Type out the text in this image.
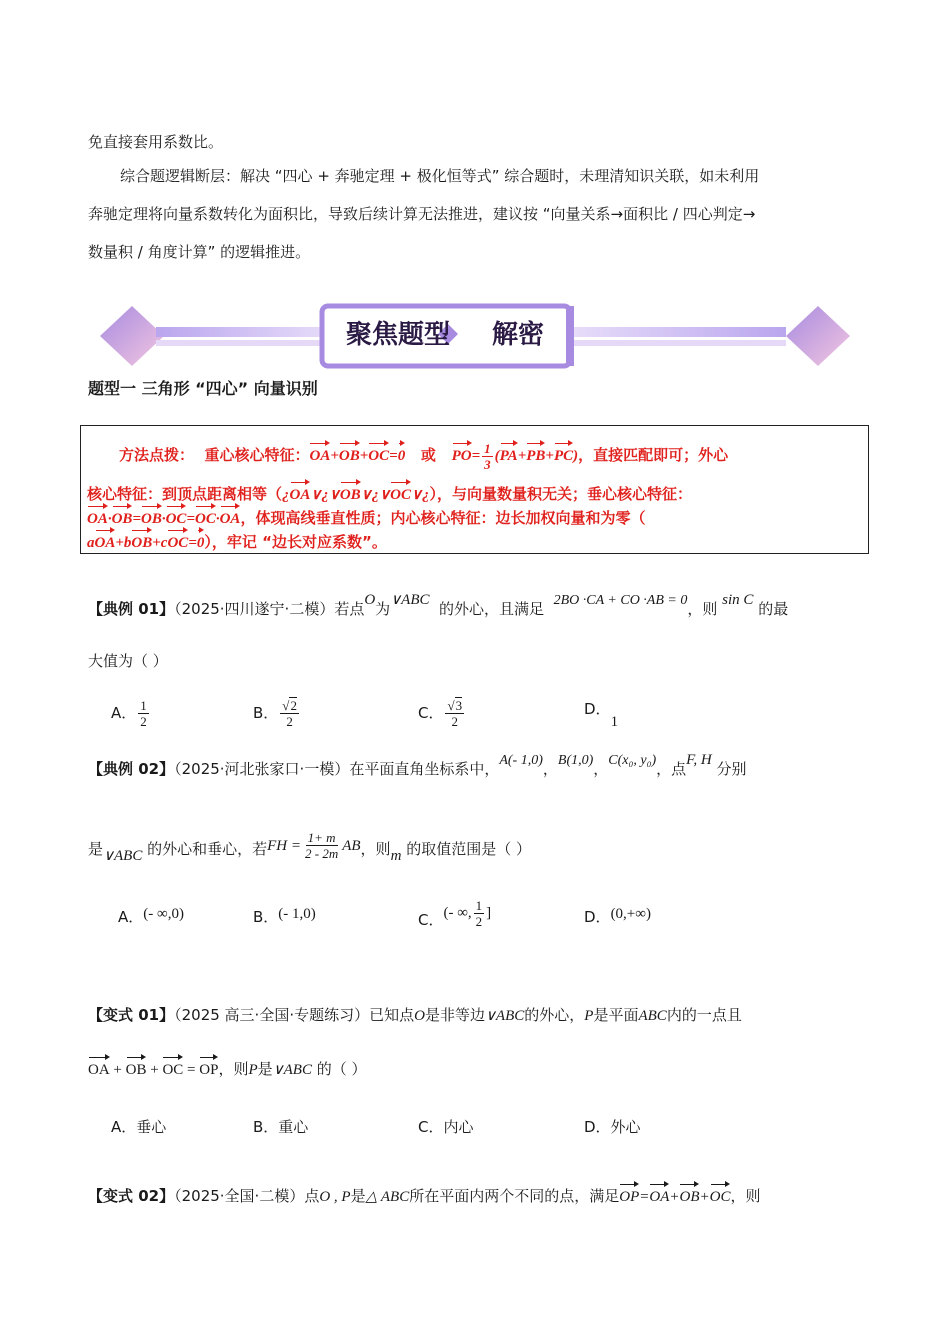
免直接套用系数比。
综合题逻辑断层：解决 “四心 + 奔驰定理 + 极化恒等式” 综合题时，未理清知识关联，如未利用
奔驰定理将向量系数转化为面积比，导致后续计算无法推进，建议按 “向量关系→面积比 / 四心判定→
数量积 / 角度计算” 的逻辑推进。
聚焦题型 解密
题型一 三角形 “四心” 向量识别
方法点拨： 重心核心特征：OA+OB+OC=0 或 $PO= \frac{1}{3} (PA+PB+PC)$，直接匹配即可；外心
核心特征：到顶点距离相等（¿OA∨¿∨OB∨¿∨OC∨¿），与向量数量积无关；垂心核心特征：
OA·OB=OB·OC=OC·OA，体现高线垂直性质；内心核心特征：边长加权向量和为零（
aOA+bOB+cOC=0），牢记 “边长对应系数”。
【典例 01】（2025·四川遂宁·二模）若点O为∨ABC 的外心，且满足 2BO ·CA + CO ·AB = 0，则 sin C 的最
大值为（ ）
A． $\frac{1}{2}$	B． $\frac{√2}{2}$	C． $\frac{√3}{2}$	D．1
【典例 02】（2025·河北张家口·一模）在平面直角坐标系中，A(- 1,0)，B(1,0)，C(x₀, y₀)，点F, H 分别
是∨ABC 的外心和垂心，若FH = $\frac{1+ m}{2 - 2m}$ AB，则m 的取值范围是（ ）
A．(- ∞,0)	B．(- 1,0)	C．(- ∞, $\frac{1}{2}$ ]	D．(0,+∞)
【变式 01】（2025 高三·全国·专题练习）已知点O是非等边∨ABC的外心，P是平面ABC内的一点且
OA + OB + OC = OP，则P是∨ABC 的（ ）
A．垂心	B．重心	C．内心	D．外心
【变式 02】（2025·全国·二模）点O , P是△ ABC所在平面内两个不同的点，满足OP=OA+OB+OC，则
